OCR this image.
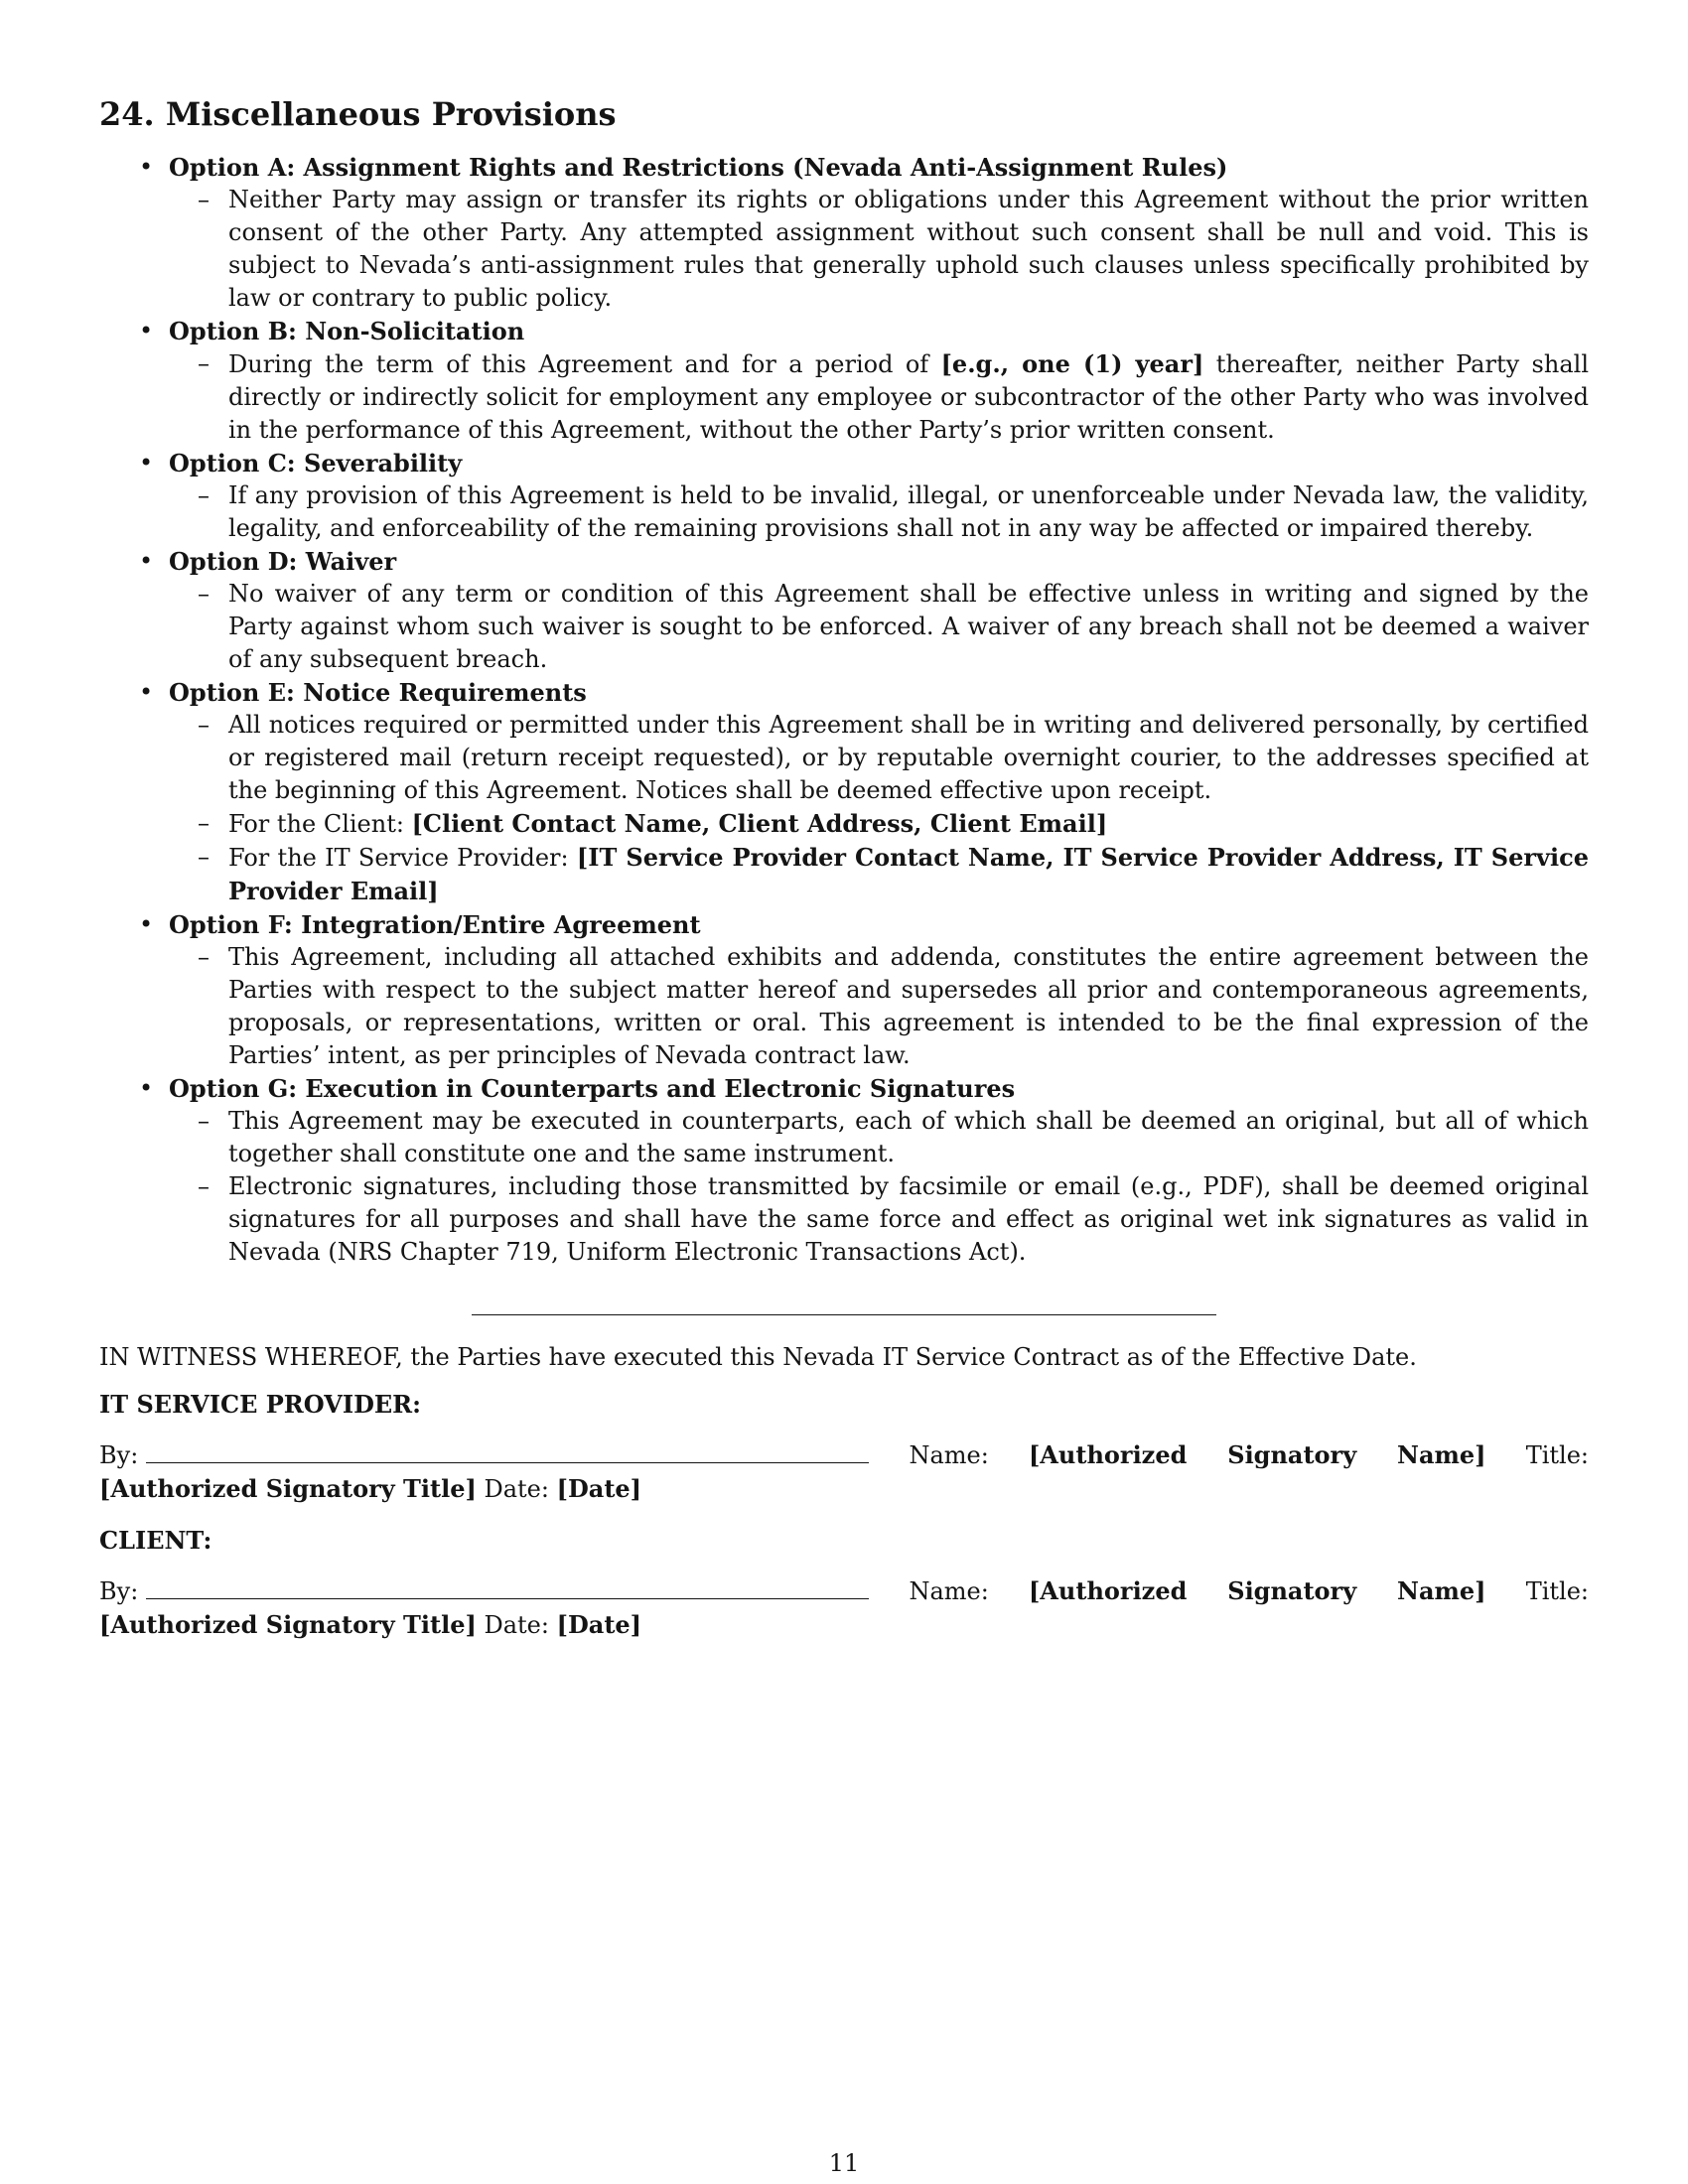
24. Miscellaneous Provisions
• Option A: Assignment Rights and Restrictions (Nevada Anti-Assignment Rules)
– Neither Party may assign or transfer its rights or obligations under this Agreement without the prior written consent of the other Party. Any attempted assignment without such consent shall be null and void. This is subject to Nevada’s anti-assignment rules that generally uphold such clauses unless specifically prohibited by law or contrary to public policy.
• Option B: Non-Solicitation
– During the term of this Agreement and for a period of [e.g., one (1) year] thereafter, neither Party shall directly or indirectly solicit for employment any employee or subcontractor of the other Party who was involved in the performance of this Agreement, without the other Party’s prior written consent.
• Option C: Severability
– If any provision of this Agreement is held to be invalid, illegal, or unenforceable under Nevada law, the validity, legality, and enforceability of the remaining provisions shall not in any way be affected or impaired thereby.
• Option D: Waiver
– No waiver of any term or condition of this Agreement shall be effective unless in writing and signed by the Party against whom such waiver is sought to be enforced. A waiver of any breach shall not be deemed a waiver of any subsequent breach.
• Option E: Notice Requirements
– All notices required or permitted under this Agreement shall be in writing and delivered personally, by certified or registered mail (return receipt requested), or by reputable overnight courier, to the addresses specified at the beginning of this Agreement. Notices shall be deemed effective upon receipt.
– For the Client: [Client Contact Name, Client Address, Client Email]
– For the IT Service Provider: [IT Service Provider Contact Name, IT Service Provider Address, IT Service Provider Email]
• Option F: Integration/Entire Agreement
– This Agreement, including all attached exhibits and addenda, constitutes the entire agreement between the Parties with respect to the subject matter hereof and supersedes all prior and contemporaneous agreements, proposals, or representations, written or oral. This agreement is intended to be the final expression of the Parties’ intent, as per principles of Nevada contract law.
• Option G: Execution in Counterparts and Electronic Signatures
– This Agreement may be executed in counterparts, each of which shall be deemed an original, but all of which together shall constitute one and the same instrument.
– Electronic signatures, including those transmitted by facsimile or email (e.g., PDF), shall be deemed original signatures for all purposes and shall have the same force and effect as original wet ink signatures as valid in Nevada (NRS Chapter 719, Uniform Electronic Transactions Act).

IN WITNESS WHEREOF, the Parties have executed this Nevada IT Service Contract as of the Effective Date.

IT SERVICE PROVIDER:

By:	Name: [Authorized Signatory Name] Title: [Authorized Signatory Title] Date: [Date]

CLIENT:

By:	Name: [Authorized Signatory Name] Title: [Authorized Signatory Title] Date: [Date]

11
